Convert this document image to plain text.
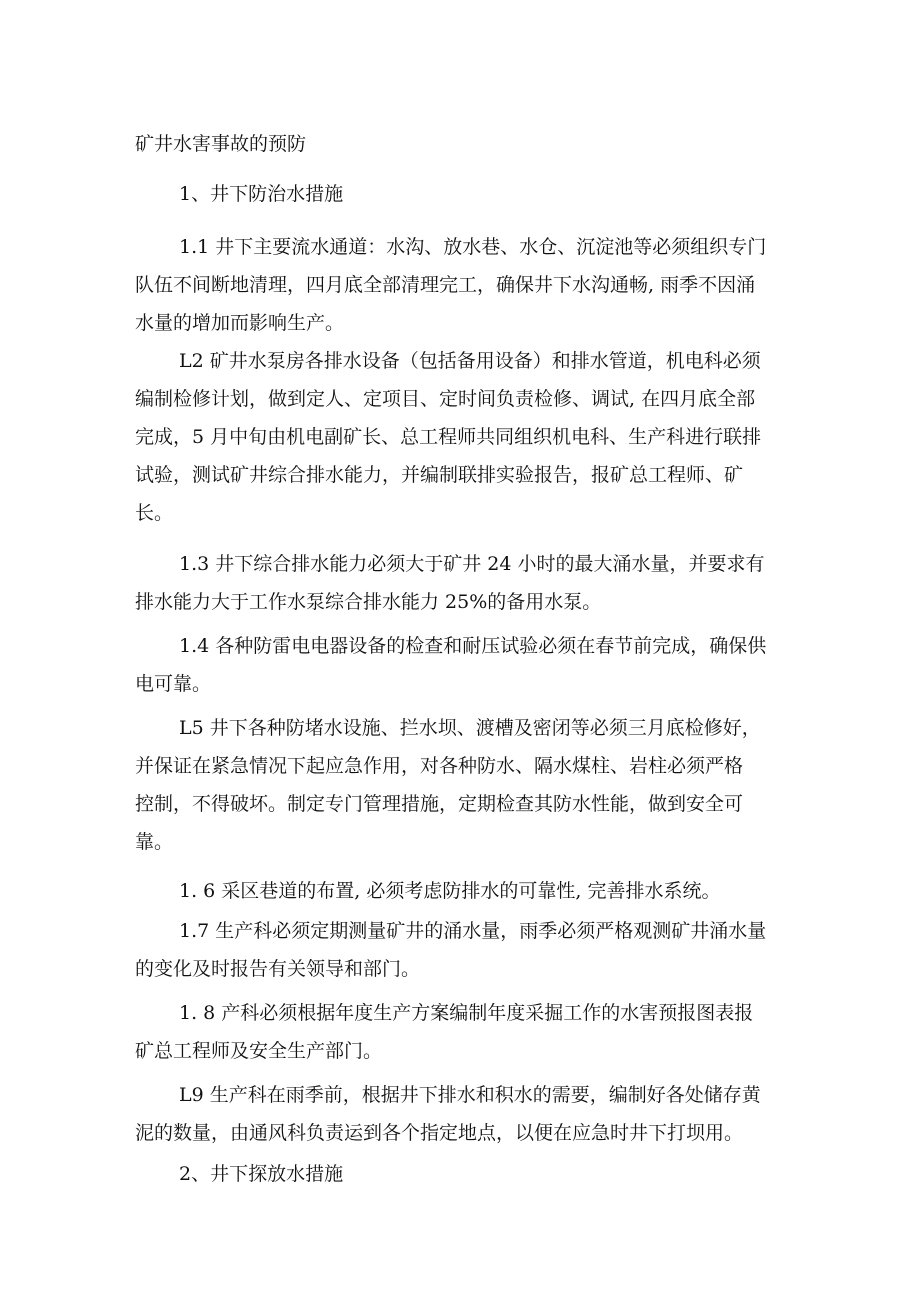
矿井水害事故的预防
1、井下防治水措施
1.1 井下主要流水通道：水沟、放水巷、水仓、沉淀池等必须组织专门
队伍不间断地清理，四月底全部清理完工，确保井下水沟通畅, 雨季不因涌
水量的增加而影响生产。
L2 矿井水泵房各排水设备（包括备用设备）和排水管道，机电科必须
编制检修计划，做到定人、定项目、定时间负责检修、调试, 在四月底全部
完成，5 月中旬由机电副矿长、总工程师共同组织机电科、生产科进行联排
试验，测试矿井综合排水能力，并编制联排实验报告，报矿总工程师、矿
长。
1.3 井下综合排水能力必须大于矿井 24 小时的最大涌水量，并要求有
排水能力大于工作水泵综合排水能力 25%的备用水泵。
1.4 各种防雷电电器设备的检查和耐压试验必须在春节前完成，确保供
电可靠。
L5 井下各种防堵水设施、拦水坝、渡槽及密闭等必须三月底检修好，
并保证在紧急情况下起应急作用，对各种防水、隔水煤柱、岩柱必须严格
控制，不得破坏。制定专门管理措施，定期检查其防水性能，做到安全可
靠。
1. 6 采区巷道的布置, 必须考虑防排水的可靠性, 完善排水系统。
1.7 生产科必须定期测量矿井的涌水量，雨季必须严格观测矿井涌水量
的变化及时报告有关领导和部门。
1. 8 产科必须根据年度生产方案编制年度采掘工作的水害预报图表报
矿总工程师及安全生产部门。
L9 生产科在雨季前，根据井下排水和积水的需要，编制好各处储存黄
泥的数量，由通风科负责运到各个指定地点，以便在应急时井下打坝用。
2、井下探放水措施
